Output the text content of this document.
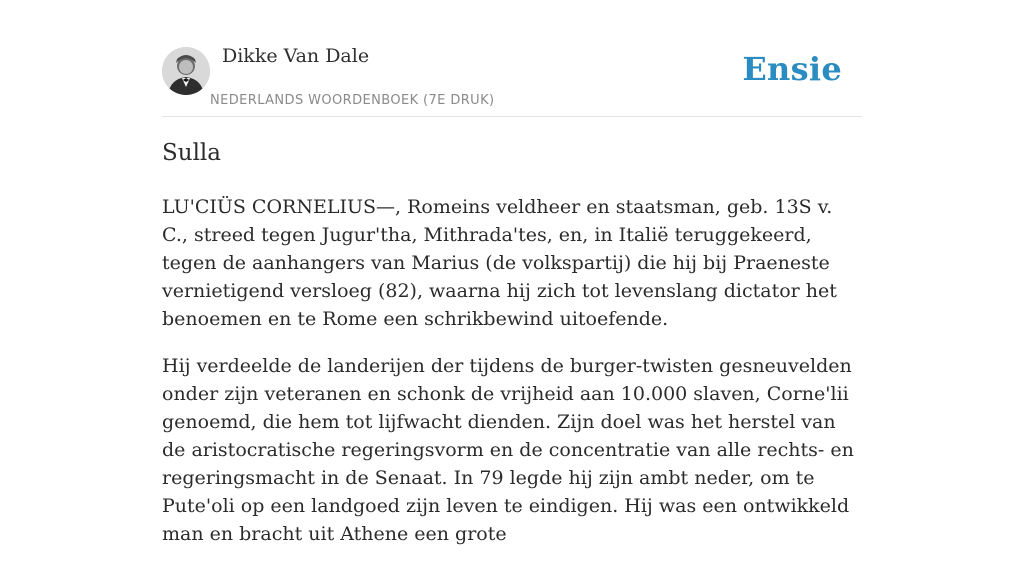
Dikke Van Dale
NEDERLANDS WOORDENBOEK (7E DRUK)
Ensie
Sulla

LU'CIÜS CORNELIUS—, Romeins veldheer en staatsman, geb. 13S v. C., streed tegen Jugur'tha, Mithrada'tes, en, in Italië teruggekeerd, tegen de aanhangers van Marius (de volkspartij) die hij bij Praeneste vernietigend versloeg (82), waarna hij zich tot levenslang dictator het benoemen en te Rome een schrikbewind uitoefende.

Hij verdeelde de landerijen der tijdens de burger-twisten gesneuvelden onder zijn veteranen en schonk de vrijheid aan 10.000 slaven, Corne'lii genoemd, die hem tot lijfwacht dienden. Zijn doel was het herstel van de aristocratische regeringsvorm en de concentratie van alle rechts- en regeringsmacht in de Senaat. In 79 legde hij zijn ambt neder, om te Pute'oli op een landgoed zijn leven te eindigen. Hij was een ontwikkeld man en bracht uit Athene een grote
